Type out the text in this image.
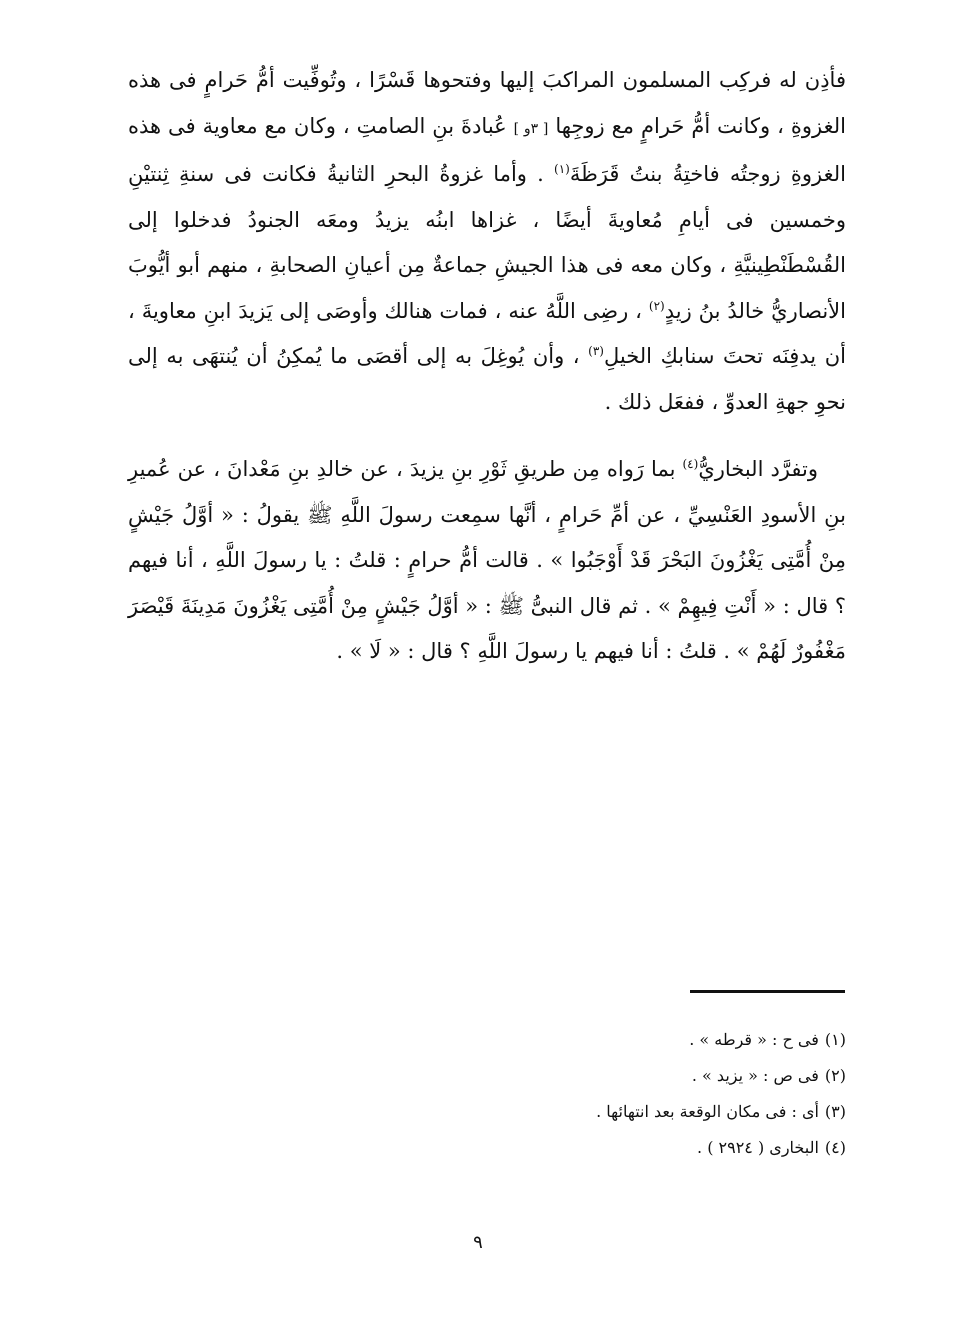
فأذِن له فركِب المسلمون المراكبَ إليها وفتحوها قَسْرًا ، وتُوفِّيت أمُّ حَرامٍ فى هذه الغزوةِ ، وكانت أمُّ حَرامٍ مع زوجِها [ ٣و ] عُبادةَ بنِ الصامتِ ، وكان مع معاوية فى هذه الغزوةِ زوجتُه فاختِةُ بنتُ قَرَظَةَ$^{(١)}$ . وأما غزوةُ البحرِ الثانيةُ فكانت فى سنةِ ثِنتيْنِ وخمسين فى أيامِ مُعاويةَ أيضًا ، غزاها ابنُه يزيدُ ومعَه الجنودُ فدخلوا إلى القُسْطَنْطِينيَّةِ ، وكان معه فى هذا الجيشِ جماعةٌ مِن أعيانِ الصحابةِ ، منهم أبو أيُّوبَ الأنصاريُّ خالدُ بنُ زيدٍ$^{(٢)}$ ، رضِى اللَّهُ عنه ، فمات هنالك وأوصَى إلى يَزيدَ ابنِ معاويةَ ، أن يدفِنَه تحتَ سنابكِ الخيلِ$^{(٣)}$ ، وأن يُوغِلَ به إلى أقصَى ما يُمكِنُ أن يُنتهَى به إلى نحوِ جهةِ العدوِّ ، ففعَل ذلك .

وتفرَّد البخاريُّ$^{(٤)}$ بما رَواه مِن طريقِ ثَوْرِ بنِ يزيدَ ، عن خالدِ بنِ مَعْدانَ ، عن عُميرِ بنِ الأسودِ العَنْسِيِّ ، عن أمِّ حَرامٍ ، أنَّها سمِعت رسولَ اللَّهِ ﷺ يقولُ : « أوَّلُ جَيْشٍ مِنْ أُمَّتِى يَغْزُونَ البَحْرَ قَدْ أَوْجَبُوا » . قالت أمُّ حرامٍ : قلتُ : يا رسولَ اللَّهِ ، أنا فيهم ؟ قال : « أَنْتِ فِيهِمْ » . ثم قال النبىُّ ﷺ : « أوَّلُ جَيْشٍ مِنْ أُمَّتِى يَغْزُونَ مَدِينَةَ قَيْصَرَ مَغْفُورٌ لَهُمْ » . قلتُ : أنا فيهم يا رسولَ اللَّهِ ؟ قال : « لَا » .

(١)فى ح : « قرطه » .

(٢)فى ص : « يزيد » .

(٣)أى : فى مكان الوقعة بعد انتهائها .

(٤)البخارى ( ٢٩٢٤ ) .

٩
